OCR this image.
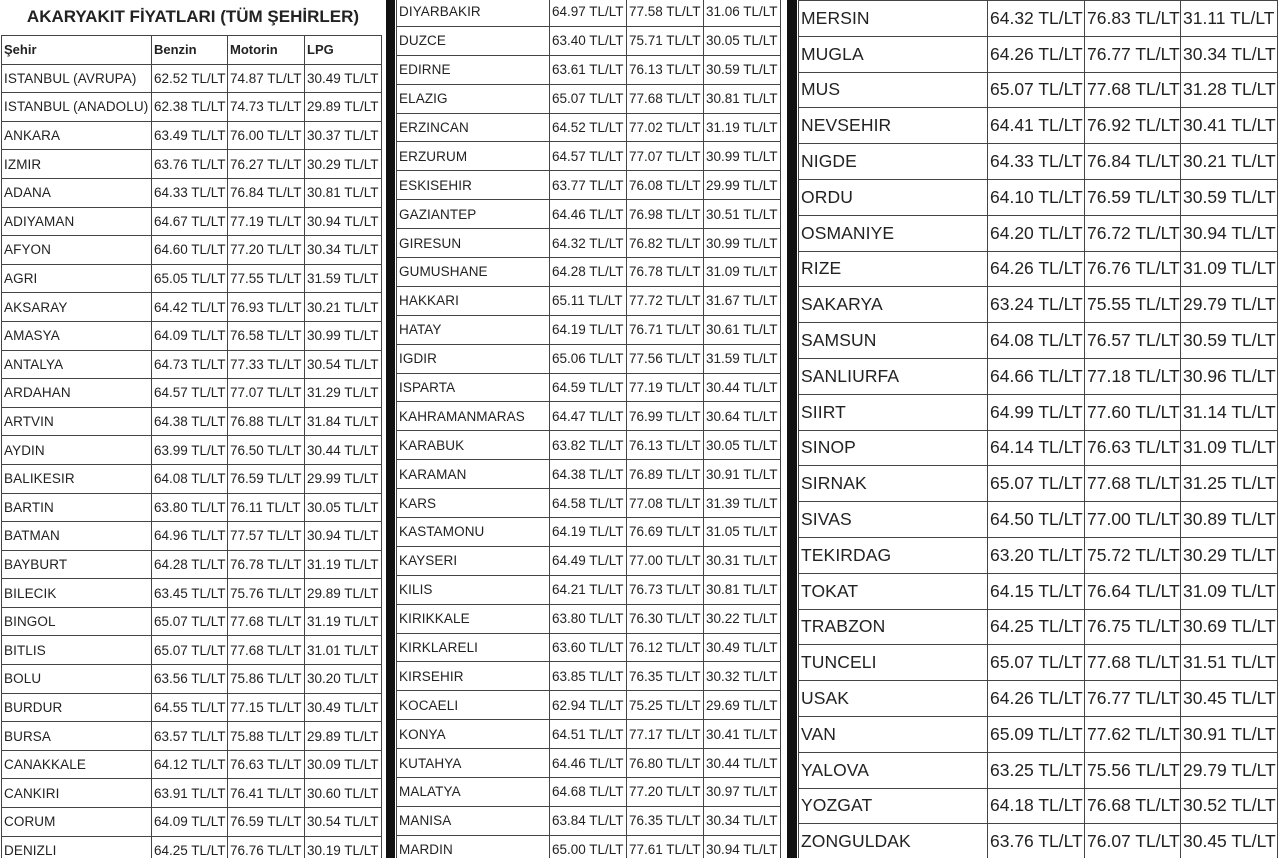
AKARYAKIT FİYATLARI (TÜM ŞEHİRLER)
Şehir	Benzin	Motorin	LPG
ISTANBUL (AVRUPA)	62.52 TL/LT	74.87 TL/LT	30.49 TL/LT
ISTANBUL (ANADOLU)	62.38 TL/LT	74.73 TL/LT	29.89 TL/LT
ANKARA	63.49 TL/LT	76.00 TL/LT	30.37 TL/LT
IZMIR	63.76 TL/LT	76.27 TL/LT	30.29 TL/LT
ADANA	64.33 TL/LT	76.84 TL/LT	30.81 TL/LT
ADIYAMAN	64.67 TL/LT	77.19 TL/LT	30.94 TL/LT
AFYON	64.60 TL/LT	77.20 TL/LT	30.34 TL/LT
AGRI	65.05 TL/LT	77.55 TL/LT	31.59 TL/LT
AKSARAY	64.42 TL/LT	76.93 TL/LT	30.21 TL/LT
AMASYA	64.09 TL/LT	76.58 TL/LT	30.99 TL/LT
ANTALYA	64.73 TL/LT	77.33 TL/LT	30.54 TL/LT
ARDAHAN	64.57 TL/LT	77.07 TL/LT	31.29 TL/LT
ARTVIN	64.38 TL/LT	76.88 TL/LT	31.84 TL/LT
AYDIN	63.99 TL/LT	76.50 TL/LT	30.44 TL/LT
BALIKESIR	64.08 TL/LT	76.59 TL/LT	29.99 TL/LT
BARTIN	63.80 TL/LT	76.11 TL/LT	30.05 TL/LT
BATMAN	64.96 TL/LT	77.57 TL/LT	30.94 TL/LT
BAYBURT	64.28 TL/LT	76.78 TL/LT	31.19 TL/LT
BILECIK	63.45 TL/LT	75.76 TL/LT	29.89 TL/LT
BINGOL	65.07 TL/LT	77.68 TL/LT	31.19 TL/LT
BITLIS	65.07 TL/LT	77.68 TL/LT	31.01 TL/LT
BOLU	63.56 TL/LT	75.86 TL/LT	30.20 TL/LT
BURDUR	64.55 TL/LT	77.15 TL/LT	30.49 TL/LT
BURSA	63.57 TL/LT	75.88 TL/LT	29.89 TL/LT
CANAKKALE	64.12 TL/LT	76.63 TL/LT	30.09 TL/LT
CANKIRI	63.91 TL/LT	76.41 TL/LT	30.60 TL/LT
CORUM	64.09 TL/LT	76.59 TL/LT	30.54 TL/LT
DENIZLI	64.25 TL/LT	76.76 TL/LT	30.19 TL/LT
DIYARBAKIR	64.97 TL/LT	77.58 TL/LT	31.06 TL/LT
DUZCE	63.40 TL/LT	75.71 TL/LT	30.05 TL/LT
EDIRNE	63.61 TL/LT	76.13 TL/LT	30.59 TL/LT
ELAZIG	65.07 TL/LT	77.68 TL/LT	30.81 TL/LT
ERZINCAN	64.52 TL/LT	77.02 TL/LT	31.19 TL/LT
ERZURUM	64.57 TL/LT	77.07 TL/LT	30.99 TL/LT
ESKISEHIR	63.77 TL/LT	76.08 TL/LT	29.99 TL/LT
GAZIANTEP	64.46 TL/LT	76.98 TL/LT	30.51 TL/LT
GIRESUN	64.32 TL/LT	76.82 TL/LT	30.99 TL/LT
GUMUSHANE	64.28 TL/LT	76.78 TL/LT	31.09 TL/LT
HAKKARI	65.11 TL/LT	77.72 TL/LT	31.67 TL/LT
HATAY	64.19 TL/LT	76.71 TL/LT	30.61 TL/LT
IGDIR	65.06 TL/LT	77.56 TL/LT	31.59 TL/LT
ISPARTA	64.59 TL/LT	77.19 TL/LT	30.44 TL/LT
KAHRAMANMARAS	64.47 TL/LT	76.99 TL/LT	30.64 TL/LT
KARABUK	63.82 TL/LT	76.13 TL/LT	30.05 TL/LT
KARAMAN	64.38 TL/LT	76.89 TL/LT	30.91 TL/LT
KARS	64.58 TL/LT	77.08 TL/LT	31.39 TL/LT
KASTAMONU	64.19 TL/LT	76.69 TL/LT	31.05 TL/LT
KAYSERI	64.49 TL/LT	77.00 TL/LT	30.31 TL/LT
KILIS	64.21 TL/LT	76.73 TL/LT	30.81 TL/LT
KIRIKKALE	63.80 TL/LT	76.30 TL/LT	30.22 TL/LT
KIRKLARELI	63.60 TL/LT	76.12 TL/LT	30.49 TL/LT
KIRSEHIR	63.85 TL/LT	76.35 TL/LT	30.32 TL/LT
KOCAELI	62.94 TL/LT	75.25 TL/LT	29.69 TL/LT
KONYA	64.51 TL/LT	77.17 TL/LT	30.41 TL/LT
KUTAHYA	64.46 TL/LT	76.80 TL/LT	30.44 TL/LT
MALATYA	64.68 TL/LT	77.20 TL/LT	30.97 TL/LT
MANISA	63.84 TL/LT	76.35 TL/LT	30.34 TL/LT
MARDIN	65.00 TL/LT	77.61 TL/LT	30.94 TL/LT
MERSIN	64.32 TL/LT	76.83 TL/LT	31.11 TL/LT
MUGLA	64.26 TL/LT	76.77 TL/LT	30.34 TL/LT
MUS	65.07 TL/LT	77.68 TL/LT	31.28 TL/LT
NEVSEHIR	64.41 TL/LT	76.92 TL/LT	30.41 TL/LT
NIGDE	64.33 TL/LT	76.84 TL/LT	30.21 TL/LT
ORDU	64.10 TL/LT	76.59 TL/LT	30.59 TL/LT
OSMANIYE	64.20 TL/LT	76.72 TL/LT	30.94 TL/LT
RIZE	64.26 TL/LT	76.76 TL/LT	31.09 TL/LT
SAKARYA	63.24 TL/LT	75.55 TL/LT	29.79 TL/LT
SAMSUN	64.08 TL/LT	76.57 TL/LT	30.59 TL/LT
SANLIURFA	64.66 TL/LT	77.18 TL/LT	30.96 TL/LT
SIIRT	64.99 TL/LT	77.60 TL/LT	31.14 TL/LT
SINOP	64.14 TL/LT	76.63 TL/LT	31.09 TL/LT
SIRNAK	65.07 TL/LT	77.68 TL/LT	31.25 TL/LT
SIVAS	64.50 TL/LT	77.00 TL/LT	30.89 TL/LT
TEKIRDAG	63.20 TL/LT	75.72 TL/LT	30.29 TL/LT
TOKAT	64.15 TL/LT	76.64 TL/LT	31.09 TL/LT
TRABZON	64.25 TL/LT	76.75 TL/LT	30.69 TL/LT
TUNCELI	65.07 TL/LT	77.68 TL/LT	31.51 TL/LT
USAK	64.26 TL/LT	76.77 TL/LT	30.45 TL/LT
VAN	65.09 TL/LT	77.62 TL/LT	30.91 TL/LT
YALOVA	63.25 TL/LT	75.56 TL/LT	29.79 TL/LT
YOZGAT	64.18 TL/LT	76.68 TL/LT	30.52 TL/LT
ZONGULDAK	63.76 TL/LT	76.07 TL/LT	30.45 TL/LT
